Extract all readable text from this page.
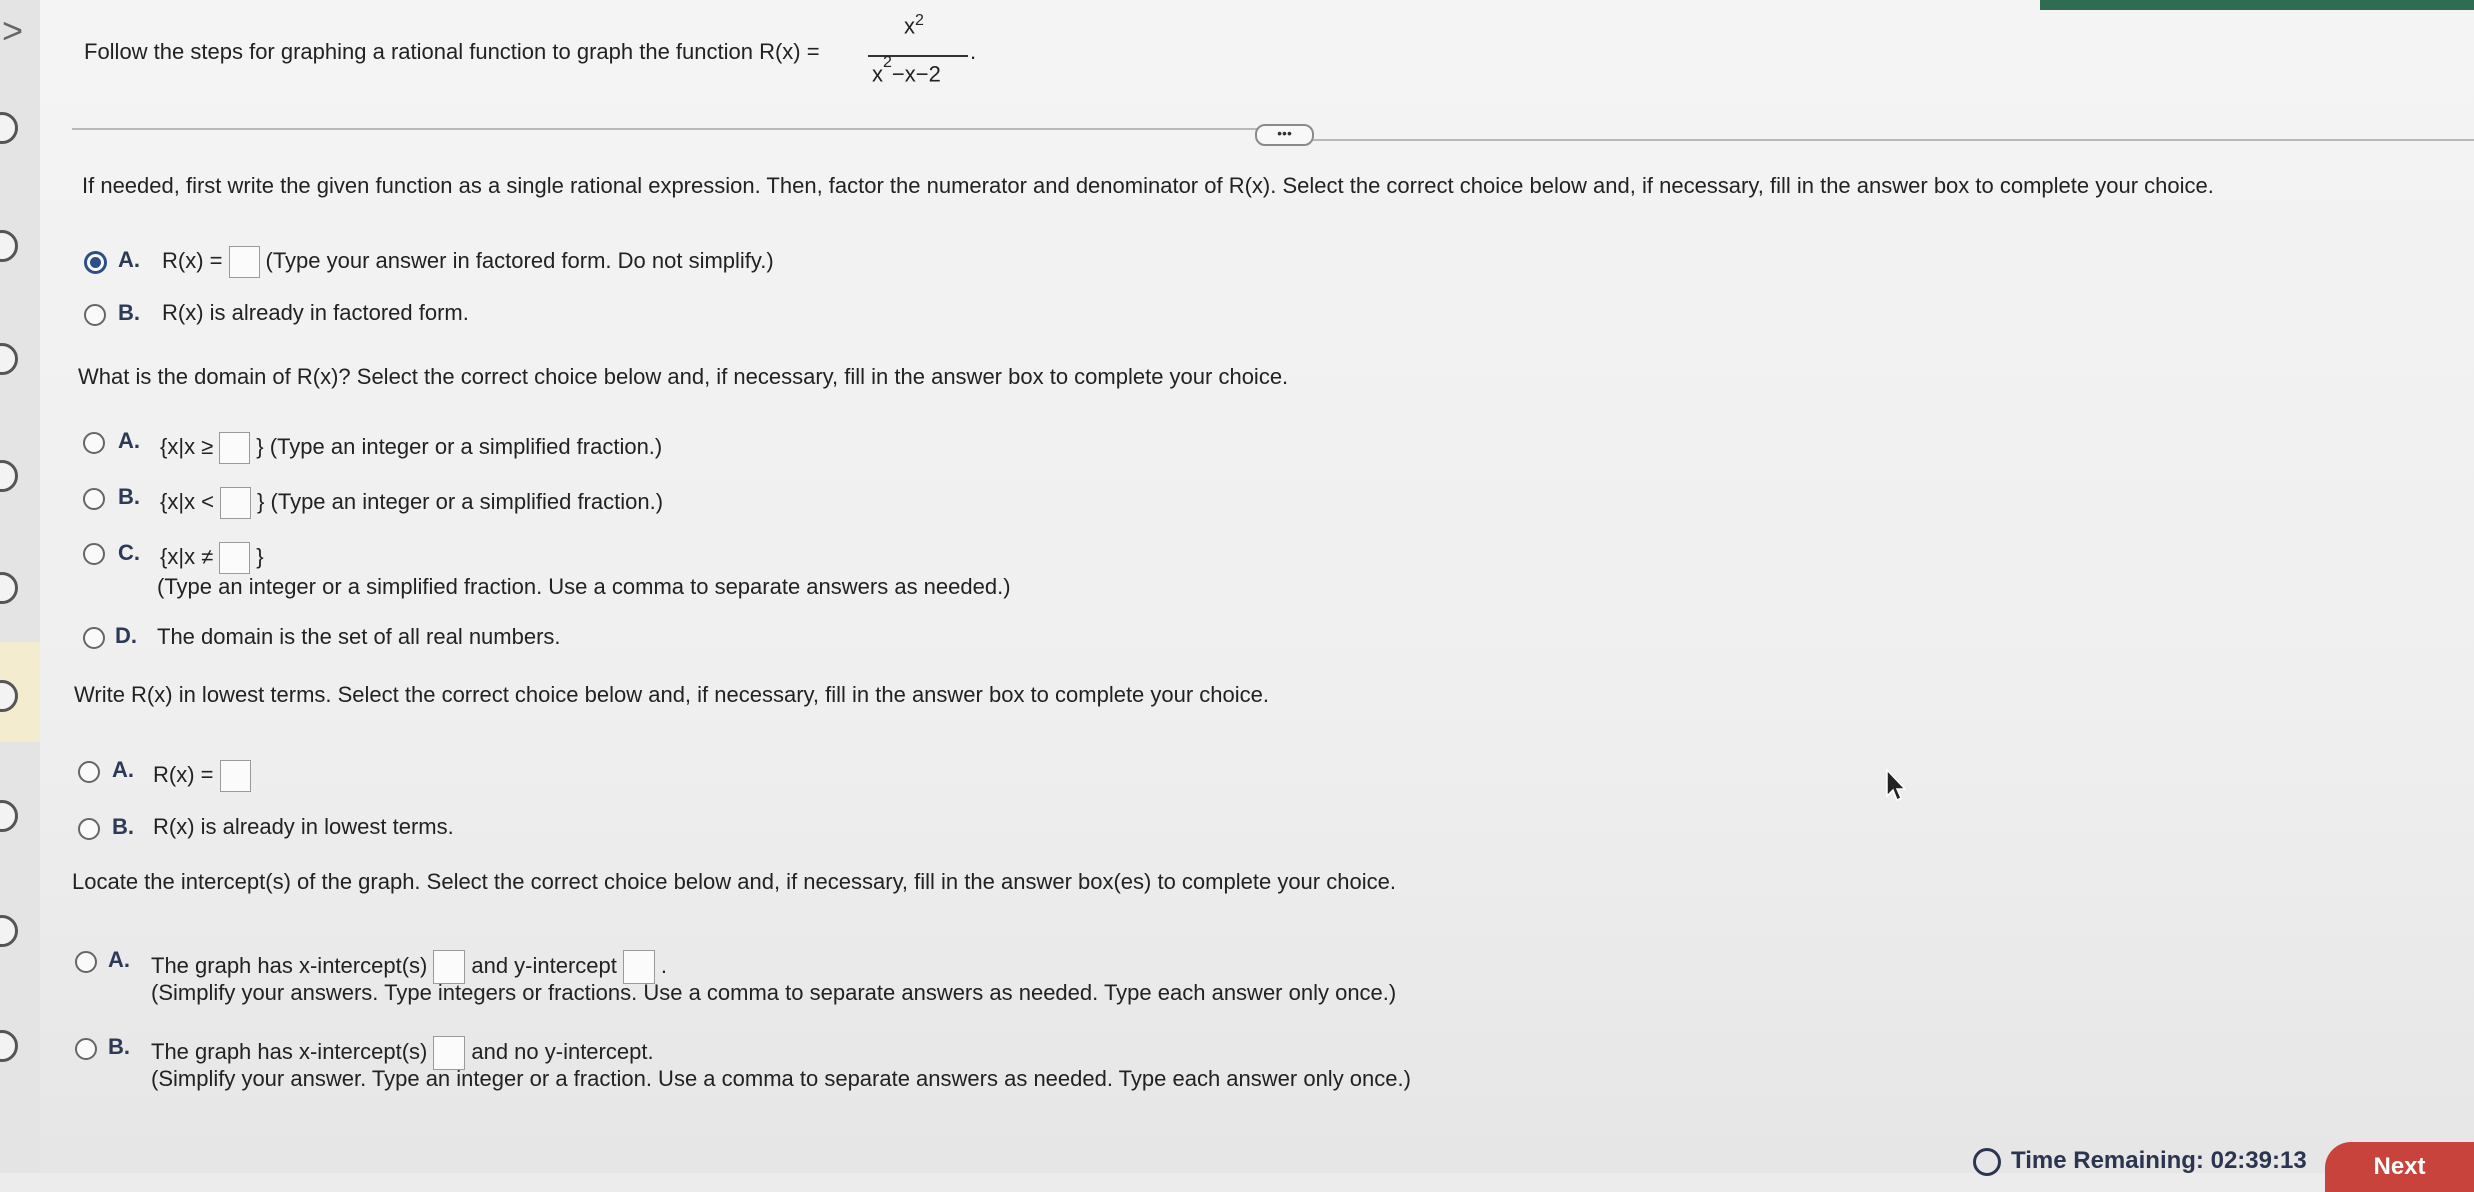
>
Follow the steps for graphing a rational function to graph the function R(x) =
$x^2$
$x^2-x-2$
.
•••
If needed, first write the given function as a single rational expression. Then, factor the numerator and denominator of R(x). Select the correct choice below and, if necessary, fill in the answer box to complete your choice.
A. R(x) = (Type your answer in factored form. Do not simplify.)
B. R(x) is already in factored form.
What is the domain of R(x)? Select the correct choice below and, if necessary, fill in the answer box to complete your choice.
A. {x|x ≥ } (Type an integer or a simplified fraction.)
B. {x|x < } (Type an integer or a simplified fraction.)
C. {x|x ≠ }
(Type an integer or a simplified fraction. Use a comma to separate answers as needed.)
D. The domain is the set of all real numbers.
Write R(x) in lowest terms. Select the correct choice below and, if necessary, fill in the answer box to complete your choice.
A. R(x) =
B. R(x) is already in lowest terms.
Locate the intercept(s) of the graph. Select the correct choice below and, if necessary, fill in the answer box(es) to complete your choice.
A. The graph has x-intercept(s) and y-intercept .
(Simplify your answers. Type integers or fractions. Use a comma to separate answers as needed. Type each answer only once.)
B. The graph has x-intercept(s) and no y-intercept.
(Simplify your answer. Type an integer or a fraction. Use a comma to separate answers as needed. Type each answer only once.)
Time Remaining: 02:39:13	Next
